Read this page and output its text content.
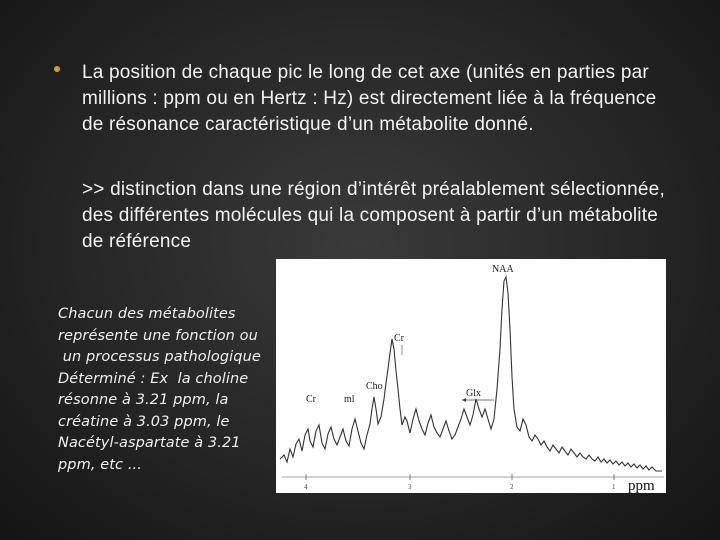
La position de chaque pic le long de cet axe (unités en parties par millions : ppm ou en Hertz : Hz) est directement liée à la fréquence de résonance caractéristique d’un métabolite donné.
>> distinction dans une région d’intérêt préalablement sélectionnée, des différentes molécules qui la composent à partir d’un métabolite de référence
Chacun des métabolites
représente une fonction ou
un processus pathologique
Déterminé : Ex  la choline
résonne à 3.21 ppm, la
créatine à 3.03 ppm, le
Nacétyl-aspartate à 3.21
ppm, etc ...
4	3	2	1 ppm
NAA
Cr
Cho
Cr	ml
Glx
